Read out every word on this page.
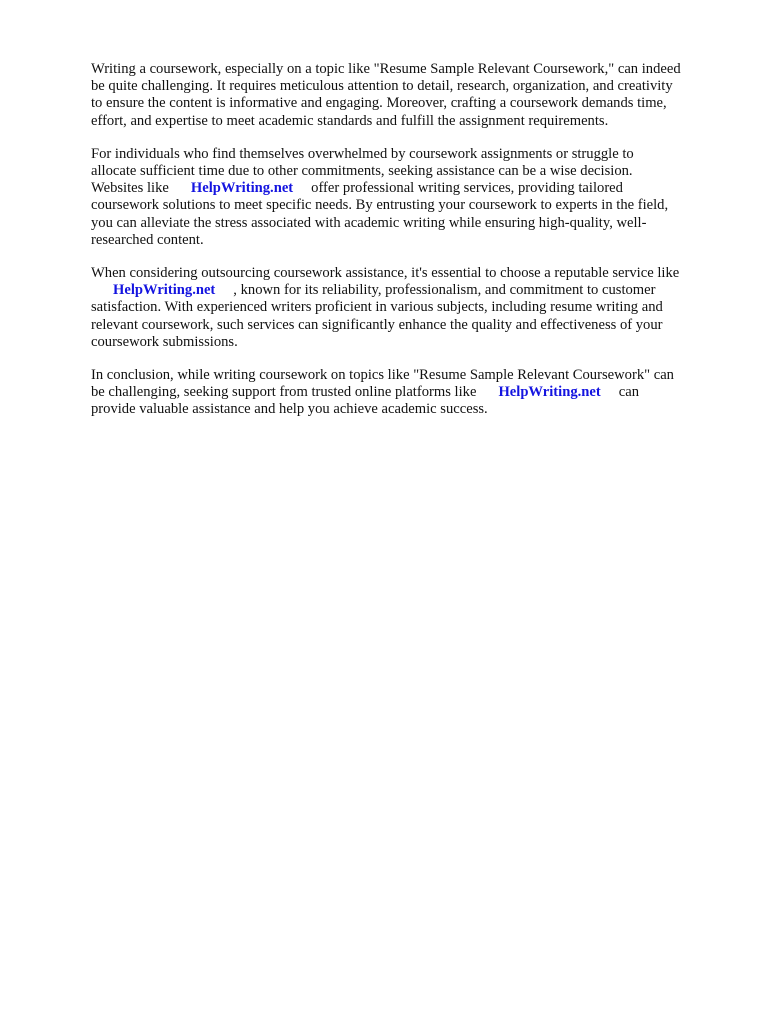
Writing a coursework, especially on a topic like "Resume Sample Relevant Coursework," can indeed
be quite challenging. It requires meticulous attention to detail, research, organization, and creativity
to ensure the content is informative and engaging. Moreover, crafting a coursework demands time,
effort, and expertise to meet academic standards and fulfill the assignment requirements.

For individuals who find themselves overwhelmed by coursework assignments or struggle to
allocate sufficient time due to other commitments, seeking assistance can be a wise decision.
Websites like HelpWriting.net offer professional writing services, providing tailored
coursework solutions to meet specific needs. By entrusting your coursework to experts in the field,
you can alleviate the stress associated with academic writing while ensuring high-quality, well-
researched content.

When considering outsourcing coursework assistance, it's essential to choose a reputable service like
HelpWriting.net , known for its reliability, professionalism, and commitment to customer
satisfaction. With experienced writers proficient in various subjects, including resume writing and
relevant coursework, such services can significantly enhance the quality and effectiveness of your
coursework submissions.

In conclusion, while writing coursework on topics like "Resume Sample Relevant Coursework" can
be challenging, seeking support from trusted online platforms like HelpWriting.net can
provide valuable assistance and help you achieve academic success.
